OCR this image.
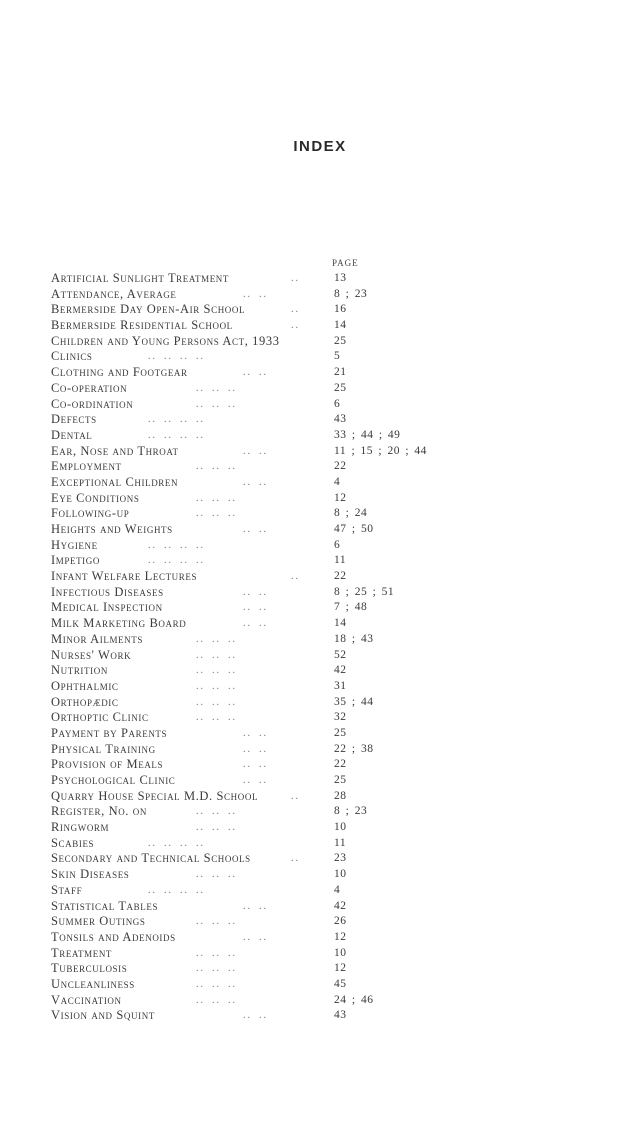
INDEX
PAGE
Artificial Sunlight Treatment	..	13
Attendance, Average	.. ..	8 ; 23
Bermerside Day Open-Air School	..	16
Bermerside Residential School	..	14
Children and Young Persons Act, 1933	25
Clinics	.. .. .. ..	5
Clothing and Footgear	.. ..	21
Co-operation	.. .. ..	25
Co-ordination	.. .. ..	6
Defects	.. .. .. ..	43
Dental	.. .. .. ..	33 ; 44 ; 49
Ear, Nose and Throat	.. ..	11 ; 15 ; 20 ; 44
Employment	.. .. ..	22
Exceptional Children	.. ..	4
Eye Conditions	.. .. ..	12
Following-up	.. .. ..	8 ; 24
Heights and Weights	.. ..	47 ; 50
Hygiene	.. .. .. ..	6
Impetigo	.. .. .. ..	11
Infant Welfare Lectures	..	22
Infectious Diseases	.. ..	8 ; 25 ; 51
Medical Inspection	.. ..	7 ; 48
Milk Marketing Board	.. ..	14
Minor Ailments	.. .. ..	18 ; 43
Nurses' Work	.. .. ..	52
Nutrition	.. .. ..	42
Ophthalmic	.. .. ..	31
Orthopædic	.. .. ..	35 ; 44
Orthoptic Clinic	.. .. ..	32
Payment by Parents	.. ..	25
Physical Training	.. ..	22 ; 38
Provision of Meals	.. ..	22
Psychological Clinic	.. ..	25
Quarry House Special M.D. School	..	28
Register, No. on	.. .. ..	8 ; 23
Ringworm	.. .. ..	10
Scabies	.. .. .. ..	11
Secondary and Technical Schools	..	23
Skin Diseases	.. .. ..	10
Staff	.. .. .. ..	4
Statistical Tables	.. ..	42
Summer Outings	.. .. ..	26
Tonsils and Adenoids	.. ..	12
Treatment	.. .. ..	10
Tuberculosis	.. .. ..	12
Uncleanliness	.. .. ..	45
Vaccination	.. .. ..	24 ; 46
Vision and Squint	.. ..	43
